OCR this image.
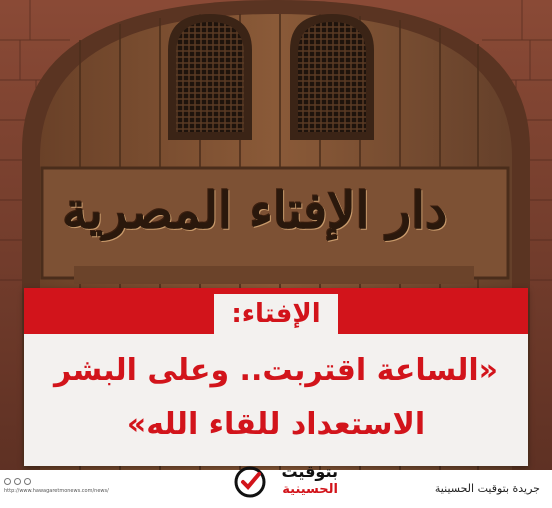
دار الإفتاء المصرية
الإفتاء:
«الساعة اقتربت.. وعلى البشر
الاستعداد للقاء الله»
http://www.hawagaretmonews.com/news/	جريدة بتوقيت الحسينية
بتوقيت
الحسينية
